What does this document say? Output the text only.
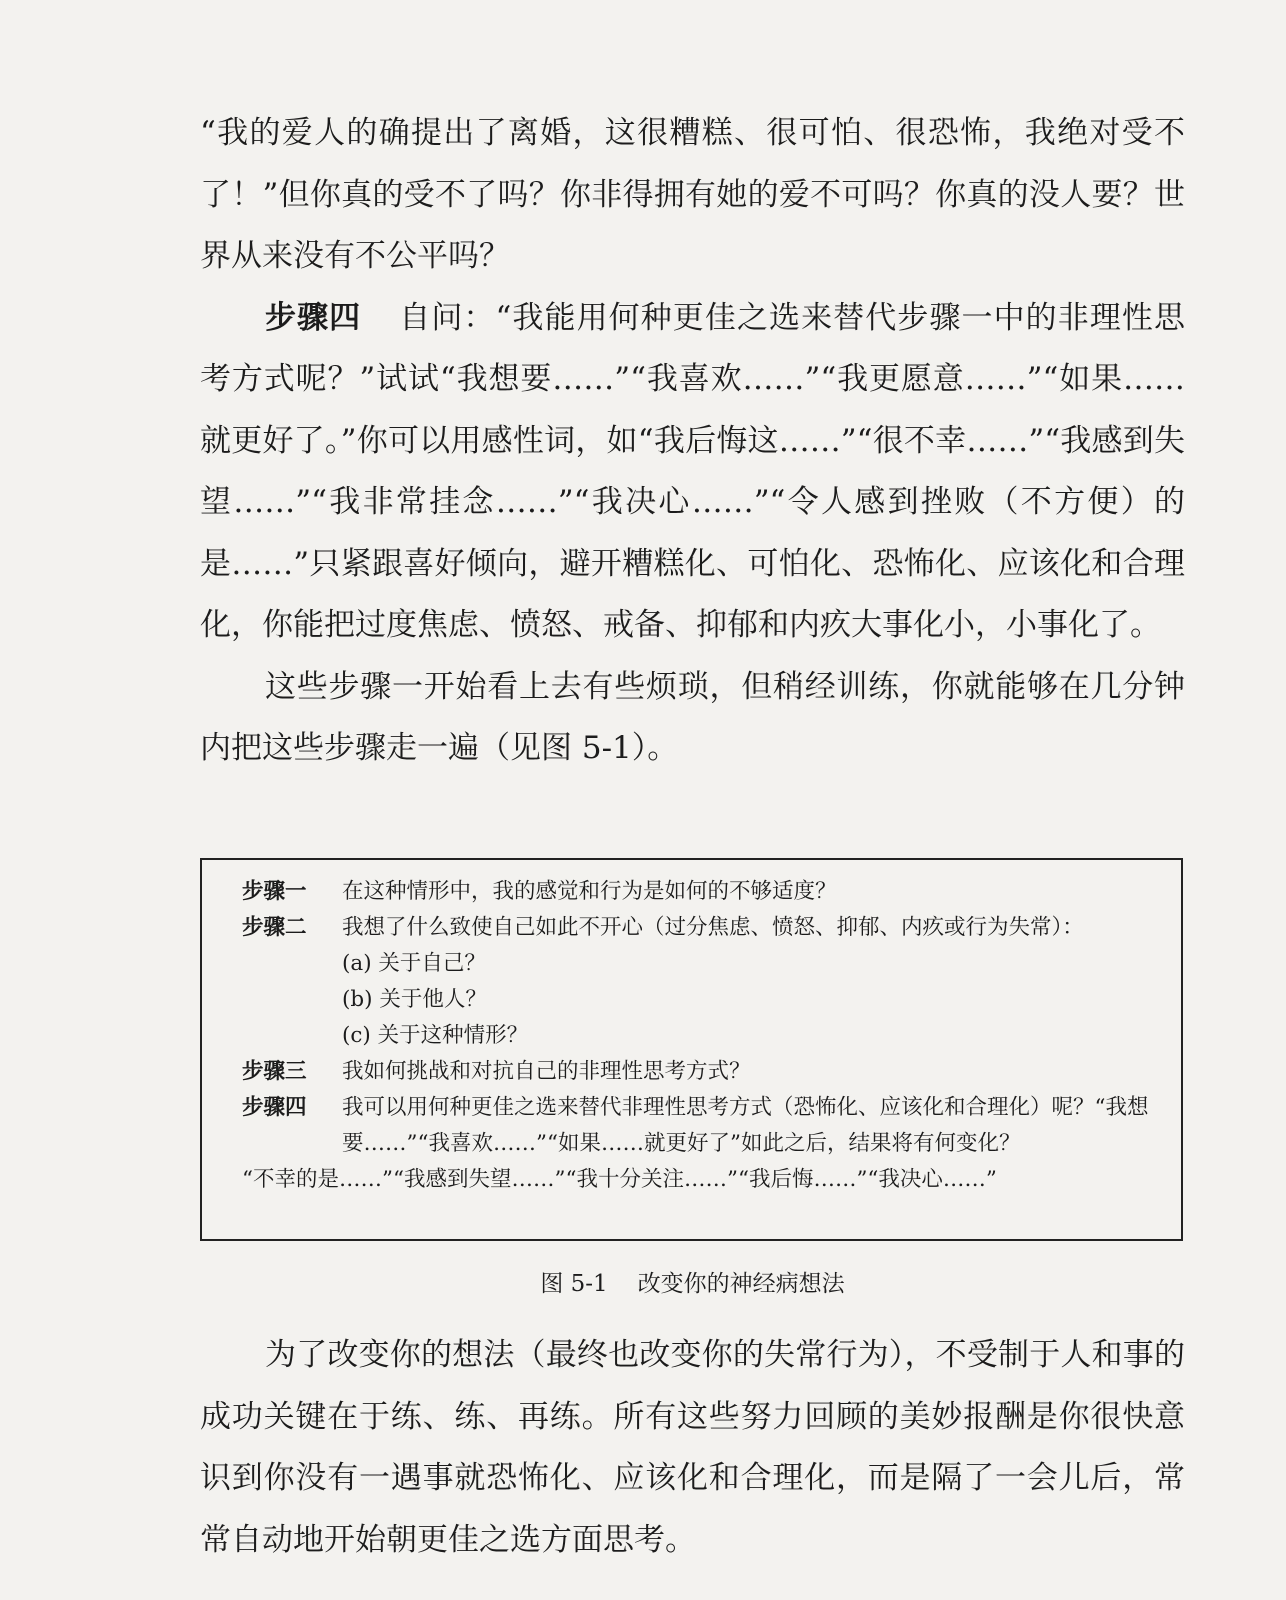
“我的爱人的确提出了离婚，这很糟糕、很可怕、很恐怖，我绝对受不了！”但你真的受不了吗？你非得拥有她的爱不可吗？你真的没人要？世界从来没有不公平吗？

步骤四 自问：“我能用何种更佳之选来替代步骤一中的非理性思考方式呢？”试试“我想要……”“我喜欢……”“我更愿意……”“如果……就更好了。”你可以用感性词，如“我后悔这……”“很不幸……”“我感到失望……”“我非常挂念……”“我决心……”“令人感到挫败（不方便）的是……”只紧跟喜好倾向，避开糟糕化、可怕化、恐怖化、应该化和合理化，你能把过度焦虑、愤怒、戒备、抑郁和内疚大事化小，小事化了。

这些步骤一开始看上去有些烦琐，但稍经训练，你就能够在几分钟内把这些步骤走一遍（见图 5-1）。

步骤一	在这种情形中，我的感觉和行为是如何的不够适度？
步骤二	我想了什么致使自己如此不开心（过分焦虑、愤怒、抑郁、内疚或行为失常）：
(a) 关于自己？
(b) 关于他人？
(c) 关于这种情形？
步骤三	我如何挑战和对抗自己的非理性思考方式？
步骤四	我可以用何种更佳之选来替代非理性思考方式（恐怖化、应该化和合理化）呢？“我想要……”“我喜欢……”“如果……就更好了”如此之后，结果将有何变化？
“不幸的是……”“我感到失望……”“我十分关注……”“我后悔……”“我决心……”
图 5-1 改变你的神经病想法

为了改变你的想法（最终也改变你的失常行为），不受制于人和事的成功关键在于练、练、再练。所有这些努力回顾的美妙报酬是你很快意识到你没有一遇事就恐怖化、应该化和合理化，而是隔了一会儿后，常常自动地开始朝更佳之选方面思考。
